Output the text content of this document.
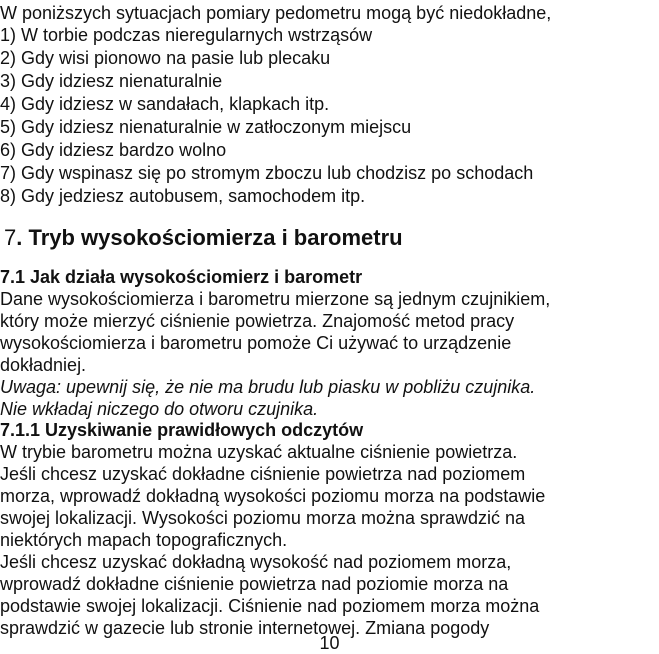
W poniższych sytuacjach pomiary pedometru mogą być niedokładne,
1) W torbie podczas nieregularnych wstrząsów
2) Gdy wisi pionowo na pasie lub plecaku
3) Gdy idziesz nienaturalnie
4) Gdy idziesz w sandałach, klapkach itp.
5) Gdy idziesz nienaturalnie w zatłoczonym miejscu
6) Gdy idziesz bardzo wolno
7) Gdy wspinasz się po stromym zboczu lub chodzisz po schodach
8) Gdy jedziesz autobusem, samochodem itp.
7. Tryb wysokościomierza i barometru
7.1 Jak działa wysokościomierz i barometr
Dane wysokościomierza i barometru mierzone są jednym czujnikiem,
który może mierzyć ciśnienie powietrza. Znajomość metod pracy
wysokościomierza i barometru pomoże Ci używać to urządzenie
dokładniej.
Uwaga: upewnij się, że nie ma brudu lub piasku w pobliżu czujnika.
Nie wkładaj niczego do otworu czujnika.
7.1.1 Uzyskiwanie prawidłowych odczytów
W trybie barometru można uzyskać aktualne ciśnienie powietrza.
Jeśli chcesz uzyskać dokładne ciśnienie powietrza nad poziomem
morza, wprowadź dokładną wysokości poziomu morza na podstawie
swojej lokalizacji. Wysokości poziomu morza można sprawdzić na
niektórych mapach topograficznych.
Jeśli chcesz uzyskać dokładną wysokość nad poziomem morza,
wprowadź dokładne ciśnienie powietrza nad poziomie morza na
podstawie swojej lokalizacji. Ciśnienie nad poziomem morza można
sprawdzić w gazecie lub stronie internetowej. Zmiana pogody
10
